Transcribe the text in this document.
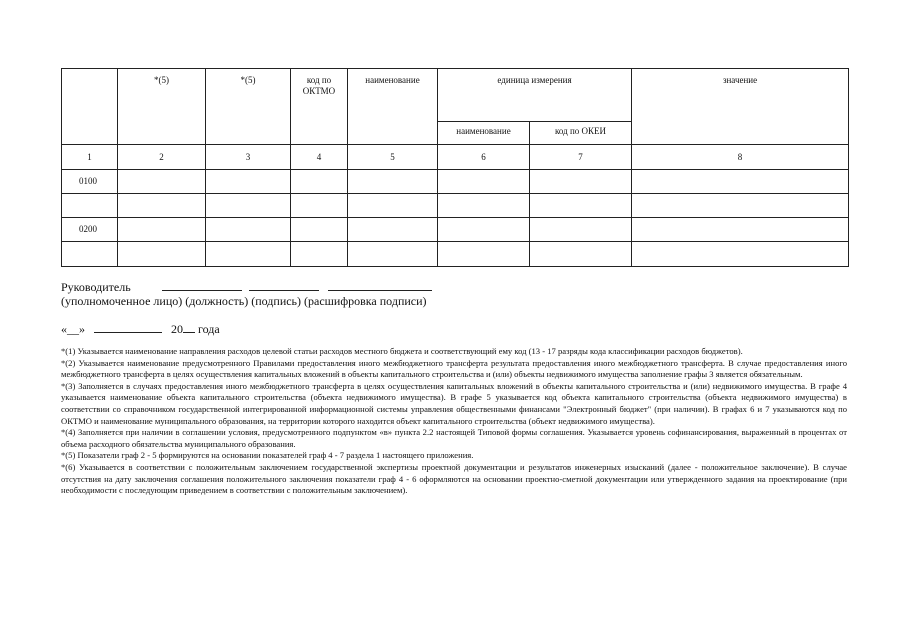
	*(5)	*(5)	код по ОКТМО	наименование	единица измерения		значение
					наименование	код по ОКЕИ	
1	2	3	4	5	6	7	8
0100							

0200							

Руководитель
(уполномоченное лицо) (должность) (подпись) (расшифровка подписи)
«__»	20 года

*(1) Указывается наименование направления расходов целевой статьи расходов местного бюджета и соответствующий ему код (13 - 17 разряды кода классификации расходов бюджетов).

*(2) Указывается наименование предусмотренного Правилами предоставления иного межбюджетного трансферта результата предоставления иного межбюджетного трансферта. В случае предоставления иного межбюджетного трансферта в целях осуществления капитальных вложений в объекты капитального строительства и (или) объекты недвижимого имущества заполнение графы 3 является обязательным.

*(3) Заполняется в случаях предоставления иного межбюджетного трансферта в целях осуществления капитальных вложений в объекты капитального строительства и (или) недвижимого имущества. В графе 4 указывается наименование объекта капитального строительства (объекта недвижимого имущества). В графе 5 указывается код объекта капитального строительства (объекта недвижимого имущества) в соответствии со справочником государственной интегрированной информационной системы управления общественными финансами "Электронный бюджет" (при наличии). В графах 6 и 7 указываются код по ОКТМО и наименование муниципального образования, на территории которого находится объект капитального строительства (объект недвижимого имущества).

*(4) Заполняется при наличии в соглашении условия, предусмотренного подпунктом «в» пункта 2.2 настоящей Типовой формы соглашения. Указывается уровень софинансирования, выраженный в процентах от объема расходного обязательства муниципального образования.

*(5) Показатели граф 2 - 5 формируются на основании показателей граф 4 - 7 раздела 1 настоящего приложения.

*(6) Указывается в соответствии с положительным заключением государственной экспертизы проектной документации и результатов инженерных изысканий (далее - положительное заключение). В случае отсутствия на дату заключения соглашения положительного заключения показатели граф 4 - 6 оформляются на основании проектно-сметной документации или утвержденного задания на проектирование (при необходимости с последующим приведением в соответствии с положительным заключением).
